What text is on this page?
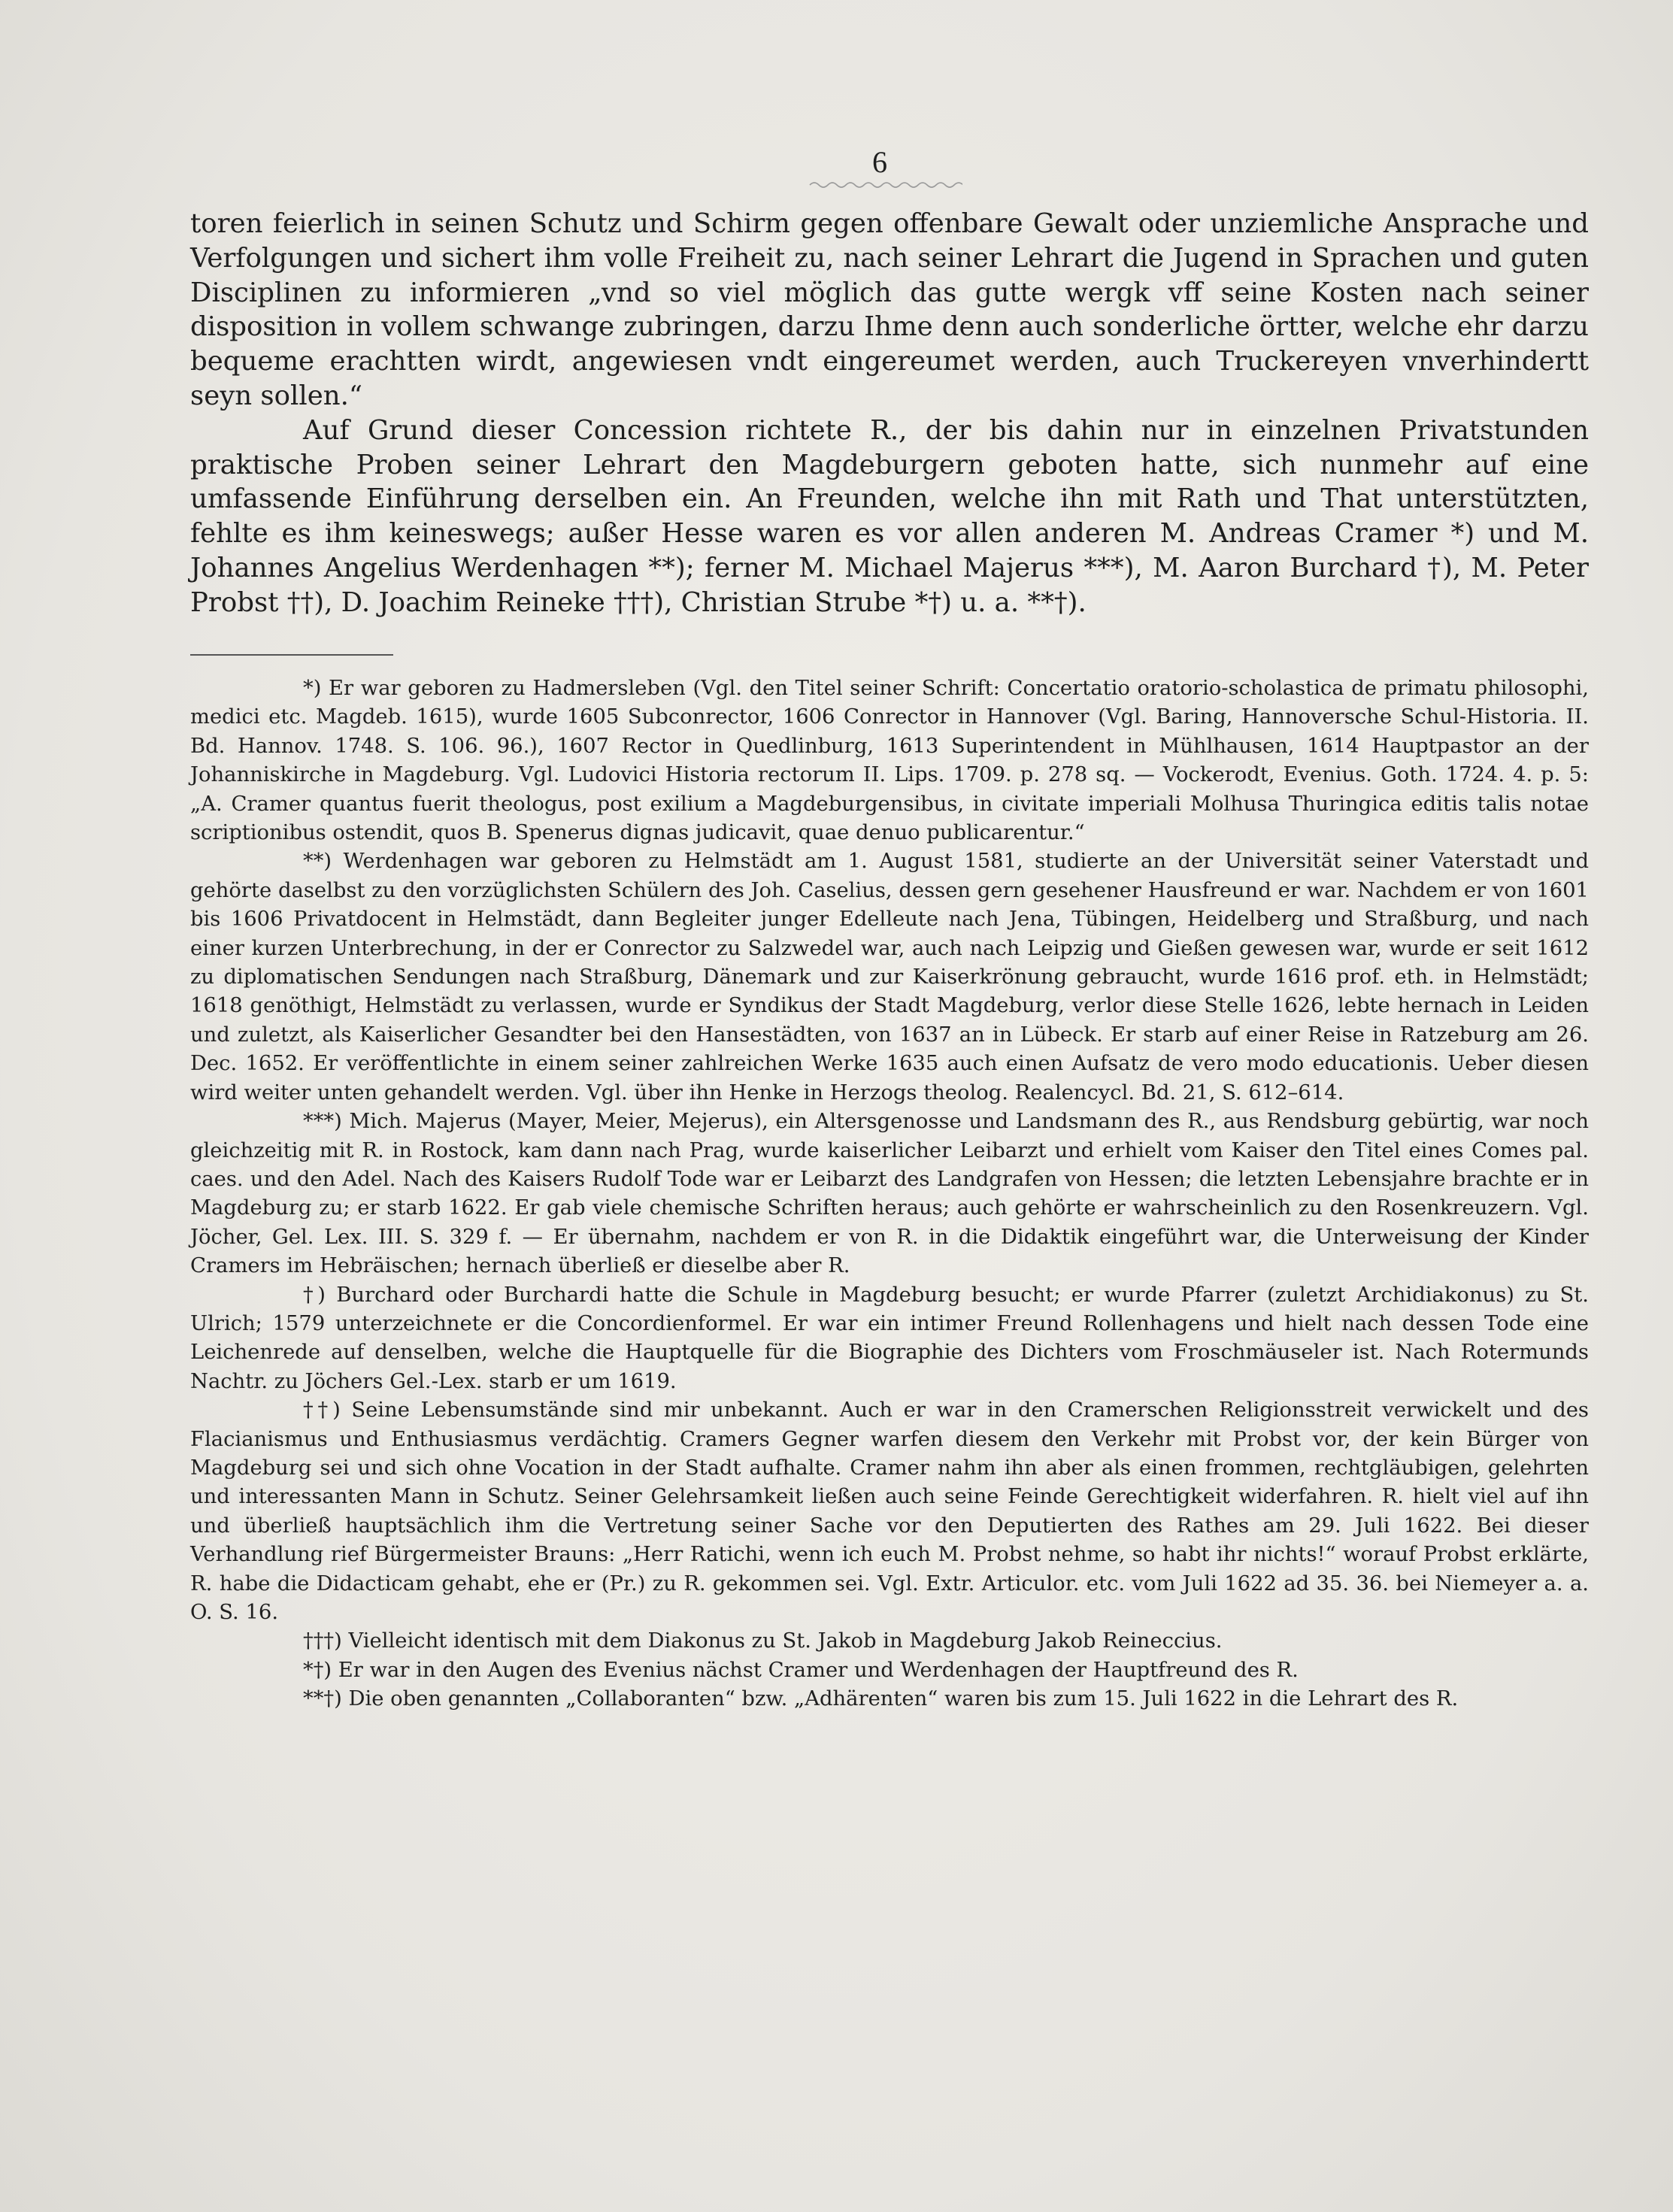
6

toren feierlich in seinen Schutz und Schirm gegen offenbare Gewalt oder unziemliche Ansprache und Verfolgungen und sichert ihm volle Freiheit zu, nach seiner Lehrart die Jugend in Sprachen und guten Disciplinen zu informieren „vnd so viel möglich das gutte wergk vff seine Kosten nach seiner disposition in vollem schwange zubringen, darzu Ihme denn auch sonderliche örtter, welche ehr darzu bequeme erachtten wirdt, angewiesen vndt eingereumet werden, auch Truckereyen vnverhindertt seyn sollen.“

Auf Grund dieser Concession richtete R., der bis dahin nur in einzelnen Privatstunden praktische Proben seiner Lehrart den Magdeburgern geboten hatte, sich nunmehr auf eine umfassende Einführung derselben ein. An Freunden, welche ihn mit Rath und That unterstützten, fehlte es ihm keineswegs; außer Hesse waren es vor allen anderen M. Andreas Cramer *) und M. Johannes Angelius Werdenhagen **); ferner M. Michael Majerus ***), M. Aaron Burchard †), M. Peter Probst ††), D. Joachim Reineke †††), Christian Strube *†) u. a. **†).

*) Er war geboren zu Hadmersleben (Vgl. den Titel seiner Schrift: Concertatio oratorio-scholastica de primatu philosophi, medici etc. Magdeb. 1615), wurde 1605 Subconrector, 1606 Conrector in Hannover (Vgl. Baring, Hannoversche Schul-Historia. II. Bd. Hannov. 1748. S. 106. 96.), 1607 Rector in Quedlinburg, 1613 Superintendent in Mühlhausen, 1614 Hauptpastor an der Johanniskirche in Magdeburg. Vgl. Ludovici Historia rectorum II. Lips. 1709. p. 278 sq. — Vockerodt, Evenius. Goth. 1724. 4. p. 5: „A. Cramer quantus fuerit theologus, post exilium a Magdeburgensibus, in civitate imperiali Molhusa Thuringica editis talis notae scriptionibus ostendit, quos B. Spenerus dignas judicavit, quae denuo publicarentur.“

**) Werdenhagen war geboren zu Helmstädt am 1. August 1581, studierte an der Universität seiner Vaterstadt und gehörte daselbst zu den vorzüglichsten Schülern des Joh. Caselius, dessen gern gesehener Hausfreund er war. Nachdem er von 1601 bis 1606 Privatdocent in Helmstädt, dann Begleiter junger Edelleute nach Jena, Tübingen, Heidelberg und Straßburg, und nach einer kurzen Unterbrechung, in der er Conrector zu Salzwedel war, auch nach Leipzig und Gießen gewesen war, wurde er seit 1612 zu diplomatischen Sendungen nach Straßburg, Dänemark und zur Kaiserkrönung gebraucht, wurde 1616 prof. eth. in Helmstädt; 1618 genöthigt, Helmstädt zu verlassen, wurde er Syndikus der Stadt Magdeburg, verlor diese Stelle 1626, lebte hernach in Leiden und zuletzt, als Kaiserlicher Gesandter bei den Hansestädten, von 1637 an in Lübeck. Er starb auf einer Reise in Ratzeburg am 26. Dec. 1652. Er veröffentlichte in einem seiner zahlreichen Werke 1635 auch einen Aufsatz de vero modo educationis. Ueber diesen wird weiter unten gehandelt werden. Vgl. über ihn Henke in Herzogs theolog. Realencycl. Bd. 21, S. 612–614.

***) Mich. Majerus (Mayer, Meier, Mejerus), ein Altersgenosse und Landsmann des R., aus Rendsburg gebürtig, war noch gleichzeitig mit R. in Rostock, kam dann nach Prag, wurde kaiserlicher Leibarzt und erhielt vom Kaiser den Titel eines Comes pal. caes. und den Adel. Nach des Kaisers Rudolf Tode war er Leibarzt des Landgrafen von Hessen; die letzten Lebensjahre brachte er in Magdeburg zu; er starb 1622. Er gab viele chemische Schriften heraus; auch gehörte er wahrscheinlich zu den Rosenkreuzern. Vgl. Jöcher, Gel. Lex. III. S. 329 f. — Er übernahm, nachdem er von R. in die Didaktik eingeführt war, die Unterweisung der Kinder Cramers im Hebräischen; hernach überließ er dieselbe aber R.

†) Burchard oder Burchardi hatte die Schule in Magdeburg besucht; er wurde Pfarrer (zuletzt Archidiakonus) zu St. Ulrich; 1579 unterzeichnete er die Concordienformel. Er war ein intimer Freund Rollenhagens und hielt nach dessen Tode eine Leichenrede auf denselben, welche die Hauptquelle für die Biographie des Dichters vom Froschmäuseler ist. Nach Rotermunds Nachtr. zu Jöchers Gel.-Lex. starb er um 1619.

††) Seine Lebensumstände sind mir unbekannt. Auch er war in den Cramerschen Religionsstreit verwickelt und des Flacianismus und Enthusiasmus verdächtig. Cramers Gegner warfen diesem den Verkehr mit Probst vor, der kein Bürger von Magdeburg sei und sich ohne Vocation in der Stadt aufhalte. Cramer nahm ihn aber als einen frommen, rechtgläubigen, gelehrten und interessanten Mann in Schutz. Seiner Gelehrsamkeit ließen auch seine Feinde Gerechtigkeit widerfahren. R. hielt viel auf ihn und überließ hauptsächlich ihm die Vertretung seiner Sache vor den Deputierten des Rathes am 29. Juli 1622. Bei dieser Verhandlung rief Bürgermeister Brauns: „Herr Ratichi, wenn ich euch M. Probst nehme, so habt ihr nichts!“ worauf Probst erklärte, R. habe die Didacticam gehabt, ehe er (Pr.) zu R. gekommen sei. Vgl. Extr. Articulor. etc. vom Juli 1622 ad 35. 36. bei Niemeyer a. a. O. S. 16.

†††) Vielleicht identisch mit dem Diakonus zu St. Jakob in Magdeburg Jakob Reineccius.

*†) Er war in den Augen des Evenius nächst Cramer und Werdenhagen der Hauptfreund des R.

**†) Die oben genannten „Collaboranten“ bzw. „Adhärenten“ waren bis zum 15. Juli 1622 in die Lehrart des R.
